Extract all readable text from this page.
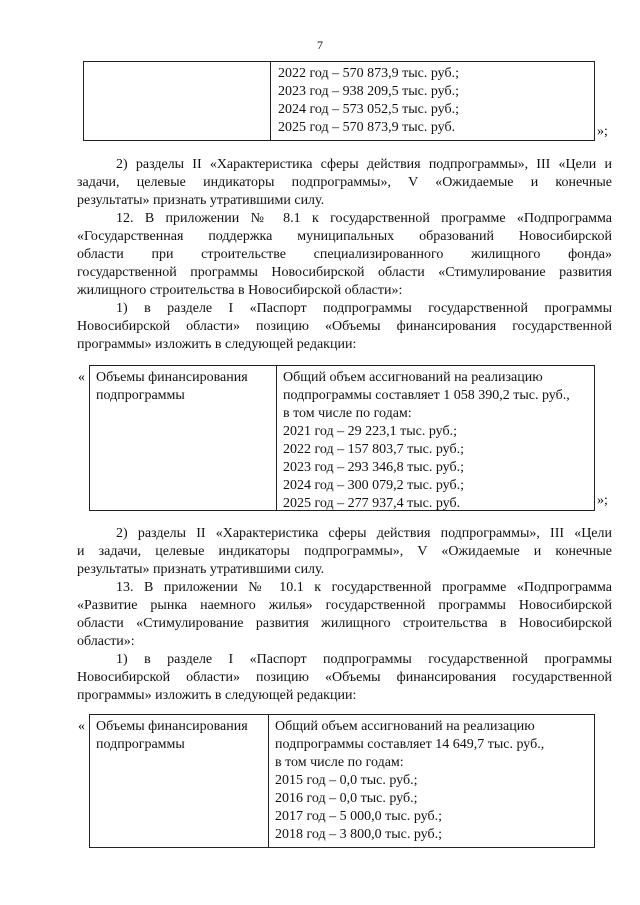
7
2022 год – 570 873,9 тыс. руб.;
2023 год – 938 209,5 тыс. руб.;
2024 год – 573 052,5 тыс. руб.;
2025 год – 570 873,9 тыс. руб.	»;
2) разделы II «Характеристика сферы действия подпрограммы», III «Цели и
задачи, целевые индикаторы подпрограммы», V «Ожидаемые и конечные
результаты» признать утратившими силу.
12. В приложении № 8.1 к государственной программе «Подпрограмма
«Государственная поддержка муниципальных образований Новосибирской
области при строительстве специализированного жилищного фонда»
государственной программы Новосибирской области «Стимулирование развития
жилищного строительства в Новосибирской области»:
1) в разделе I «Паспорт подпрограммы государственной программы
Новосибирской области» позицию «Объемы финансирования государственной
программы» изложить в следующей редакции:
« Объемы финансирования
подпрограммы
Общий объем ассигнований на реализацию
подпрограммы составляет 1 058 390,2 тыс. руб.,
в том числе по годам:
2021 год – 29 223,1 тыс. руб.;
2022 год – 157 803,7 тыс. руб.;
2023 год – 293 346,8 тыс. руб.;
2024 год – 300 079,2 тыс. руб.;
2025 год – 277 937,4 тыс. руб.	»;
2) разделы II «Характеристика сферы действия подпрограммы», III «Цели
и задачи, целевые индикаторы подпрограммы», V «Ожидаемые и конечные
результаты» признать утратившими силу.
13. В приложении № 10.1 к государственной программе «Подпрограмма
«Развитие рынка наемного жилья» государственной программы Новосибирской
области «Стимулирование развития жилищного строительства в Новосибирской
области»:
1) в разделе I «Паспорт подпрограммы государственной программы
Новосибирской области» позицию «Объемы финансирования государственной
программы» изложить в следующей редакции:
« Объемы финансирования
подпрограммы
Общий объем ассигнований на реализацию
подпрограммы составляет 14 649,7 тыс. руб.,
в том числе по годам:
2015 год – 0,0 тыс. руб.;
2016 год – 0,0 тыс. руб.;
2017 год – 5 000,0 тыс. руб.;
2018 год – 3 800,0 тыс. руб.;
